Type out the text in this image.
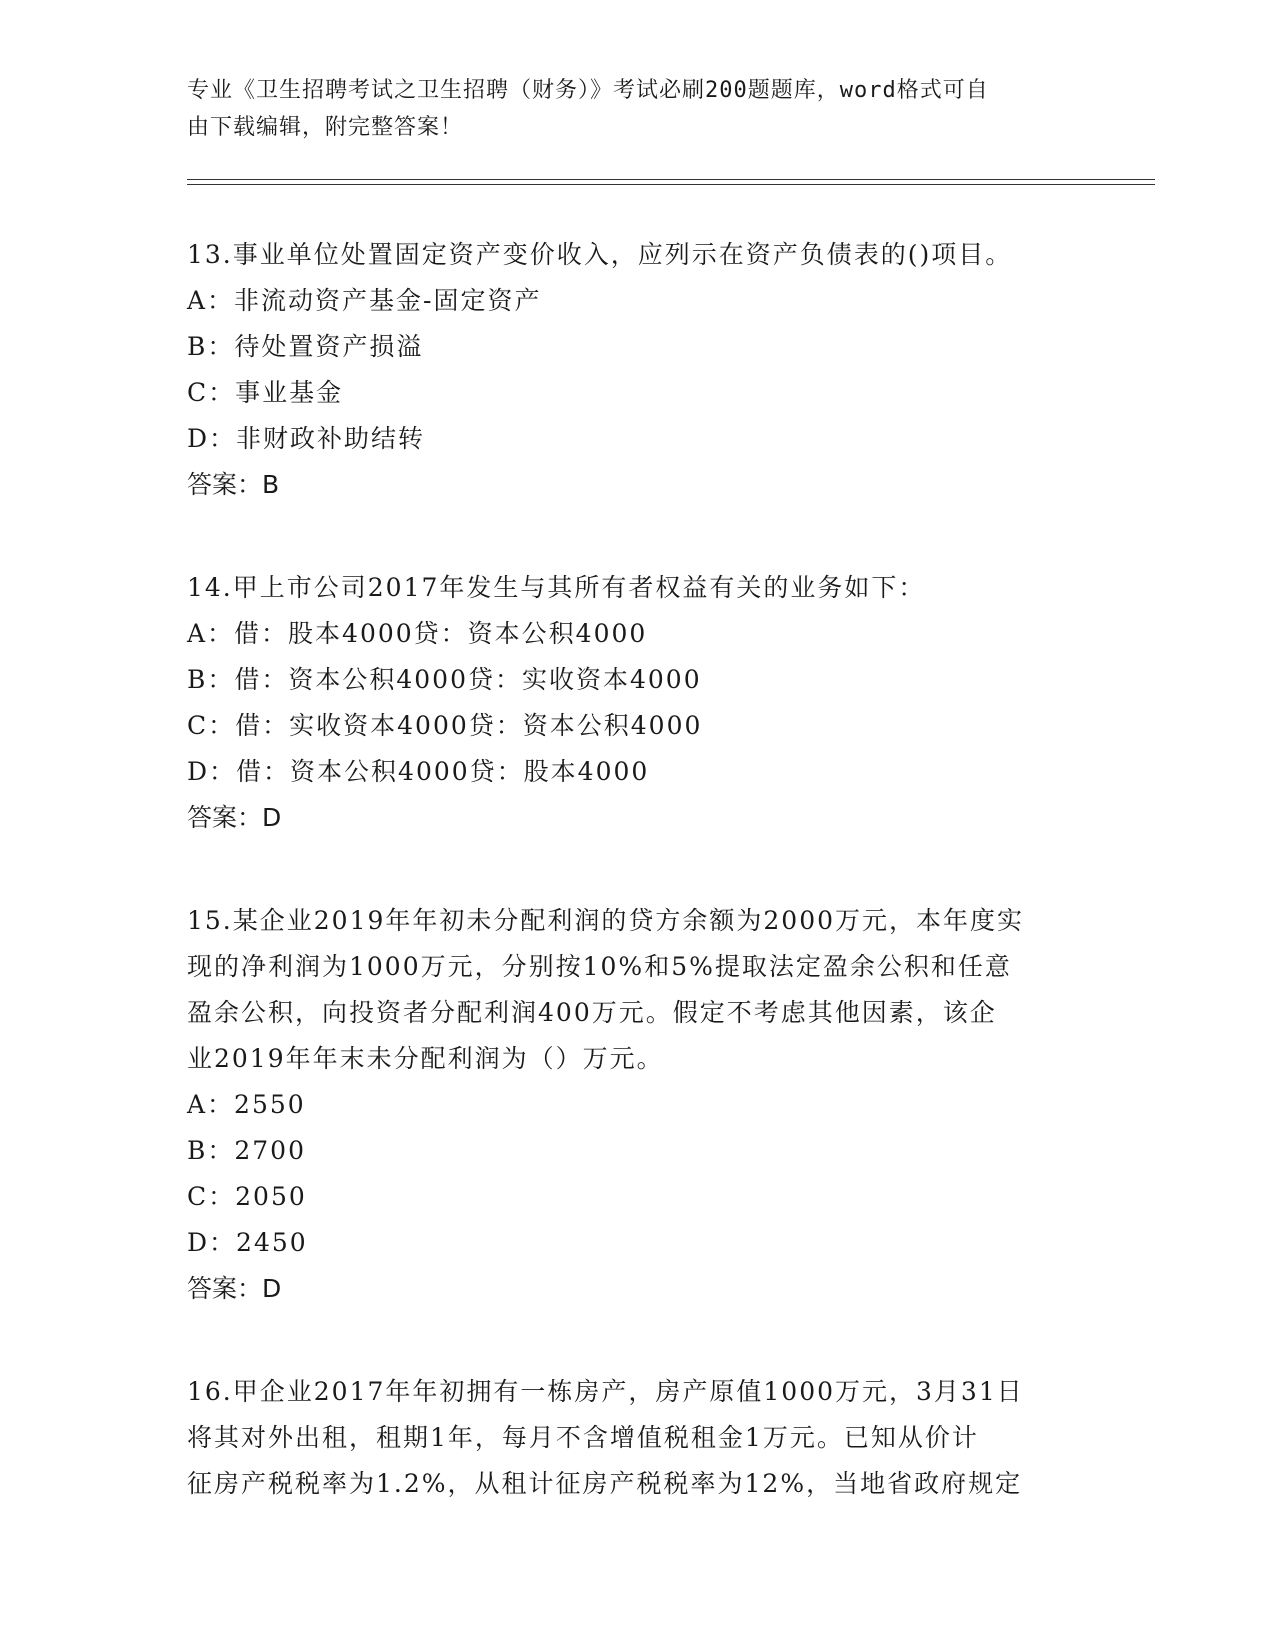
专业《卫生招聘考试之卫生招聘（财务）》考试必刷200题题库，word格式可自
由下载编辑，附完整答案！
13.事业单位处置固定资产变价收入，应列示在资产负债表的()项目。
A：非流动资产基金-固定资产
B：待处置资产损溢
C：事业基金
D：非财政补助结转
答案：B
14.甲上市公司2017年发生与其所有者权益有关的业务如下：
A：借：股本4000贷：资本公积4000
B：借：资本公积4000贷：实收资本4000
C：借：实收资本4000贷：资本公积4000
D：借：资本公积4000贷：股本4000
答案：D
15.某企业2019年年初未分配利润的贷方余额为2000万元，本年度实
现的净利润为1000万元，分别按10%和5%提取法定盈余公积和任意
盈余公积，向投资者分配利润400万元。假定不考虑其他因素，该企
业2019年年末未分配利润为（）万元。
A：2550
B：2700
C：2050
D：2450
答案：D
16.甲企业2017年年初拥有一栋房产，房产原值1000万元，3月31日
将其对外出租，租期1年，每月不含增值税租金1万元。已知从价计
征房产税税率为1.2%，从租计征房产税税率为12%，当地省政府规定
